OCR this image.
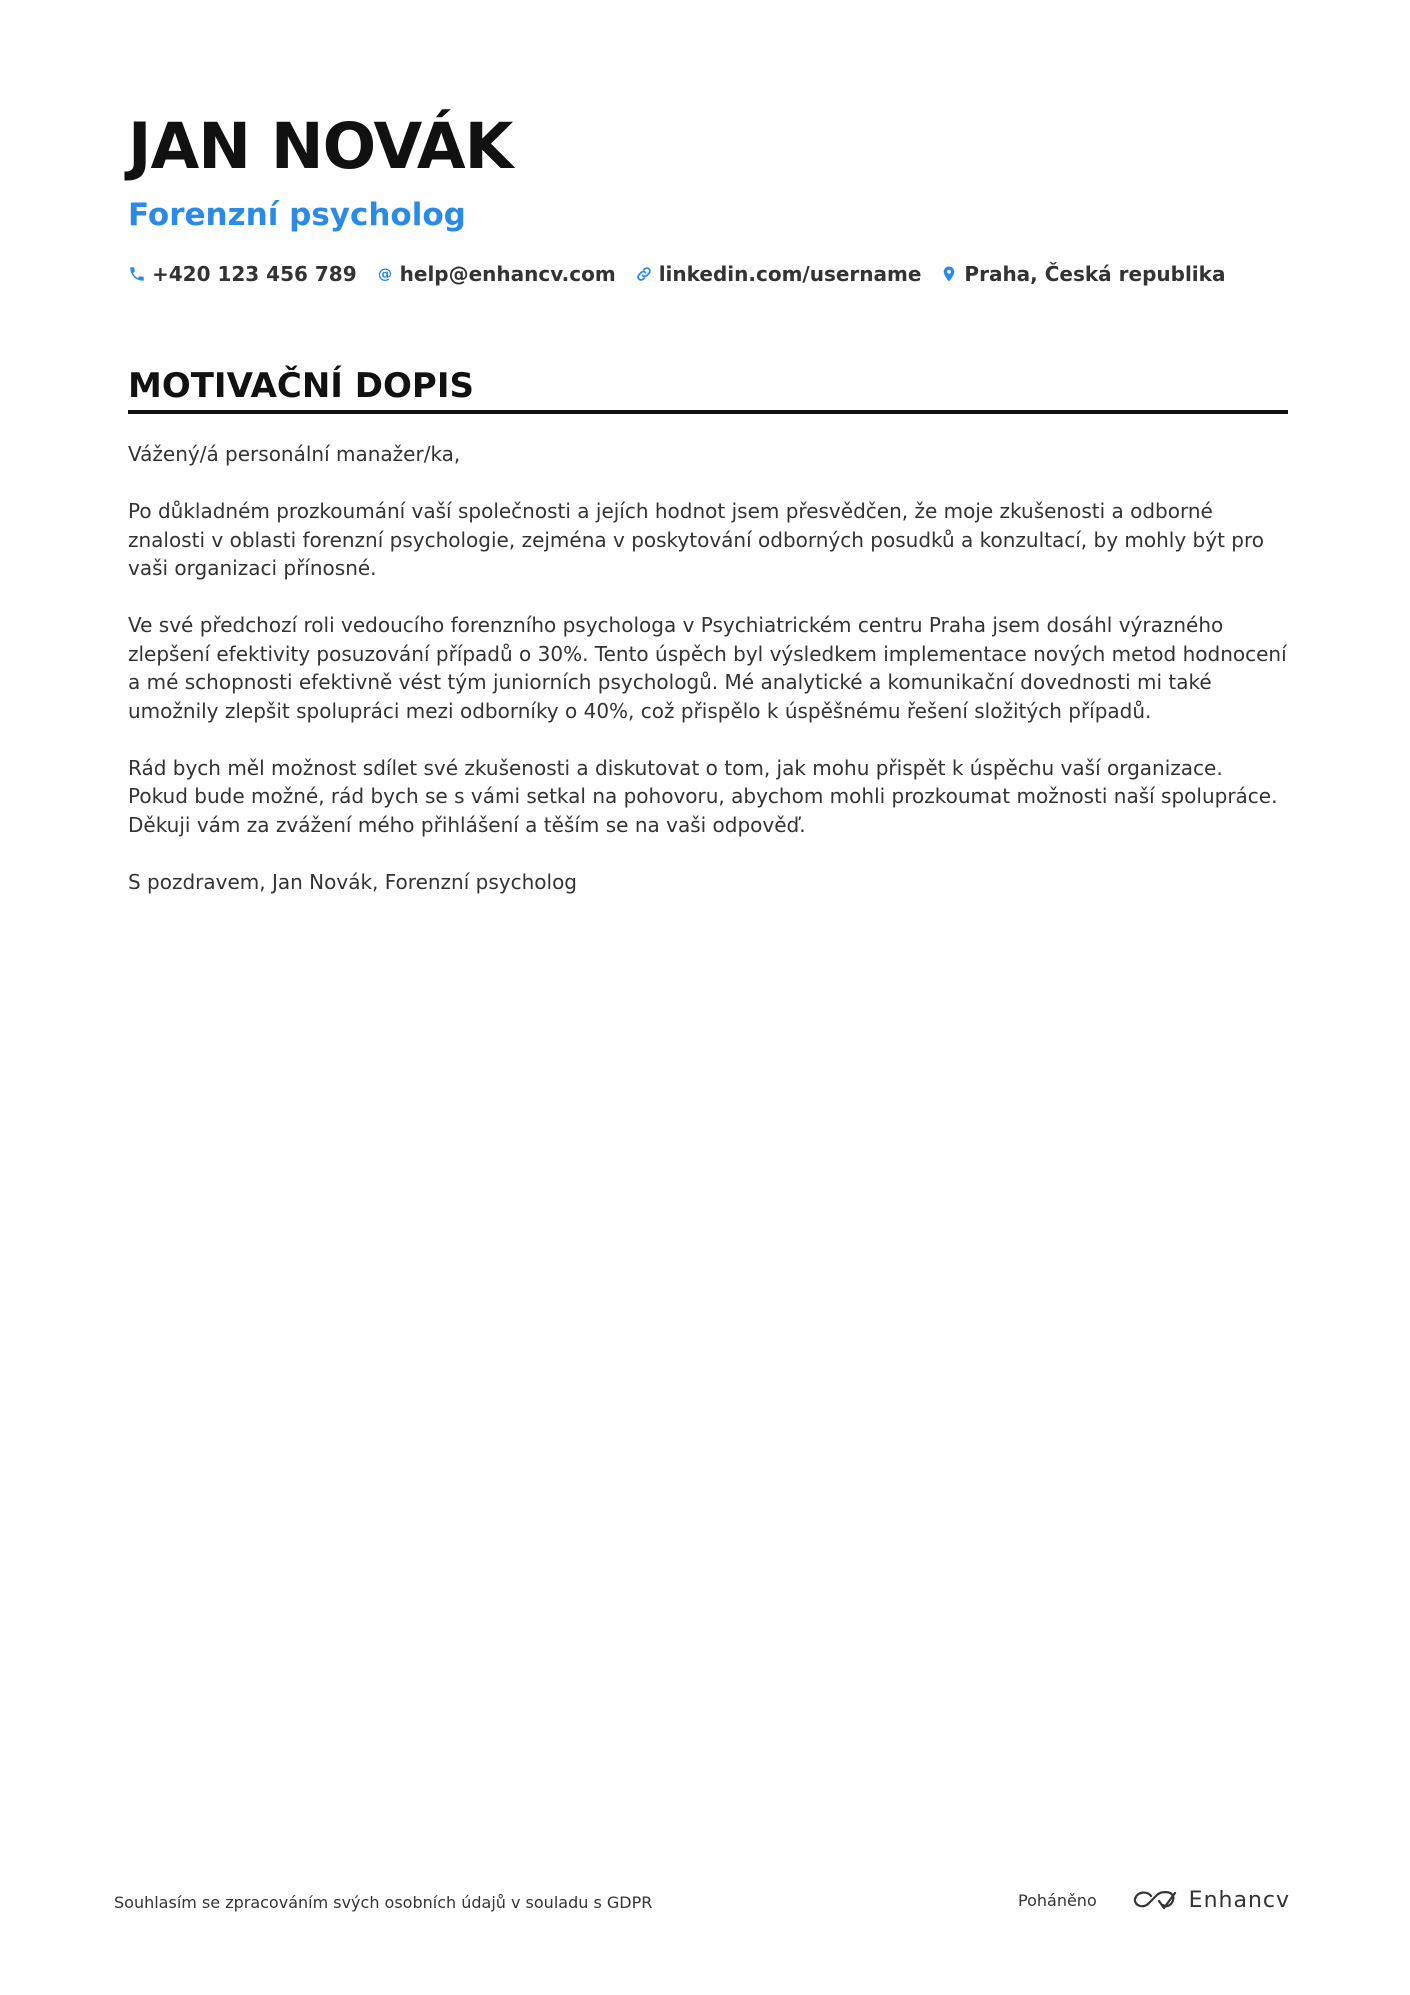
JAN NOVÁK
Forenzní psycholog
+420 123 456 789 @ help@enhancv.com linkedin.com/username Praha, Česká republika
MOTIVAČNÍ DOPIS

Vážený/á personální manažer/ka,

Po důkladném prozkoumání vaší společnosti a jejích hodnot jsem přesvědčen, že moje zkušenosti a odborné znalosti v oblasti forenzní psychologie, zejména v poskytování odborných posudků a konzultací, by mohly být pro vaši organizaci přínosné.

Ve své předchozí roli vedoucího forenzního psychologa v Psychiatrickém centru Praha jsem dosáhl výrazného zlepšení efektivity posuzování případů o 30%. Tento úspěch byl výsledkem implementace nových metod hodnocení a mé schopnosti efektivně vést tým juniorních psychologů. Mé analytické a komunikační dovednosti mi také umožnily zlepšit spolupráci mezi odborníky o 40%, což přispělo k úspěšnému řešení složitých případů.

Rád bych měl možnost sdílet své zkušenosti a diskutovat o tom, jak mohu přispět k úspěchu vaší organizace. Pokud bude možné, rád bych se s vámi setkal na pohovoru, abychom mohli prozkoumat možnosti naší spolupráce. Děkuji vám za zvážení mého přihlášení a těším se na vaši odpověď.

S pozdravem, Jan Novák, Forenzní psycholog

Souhlasím se zpracováním svých osobních údajů v souladu s GDPR	Poháněno	Enhancv
